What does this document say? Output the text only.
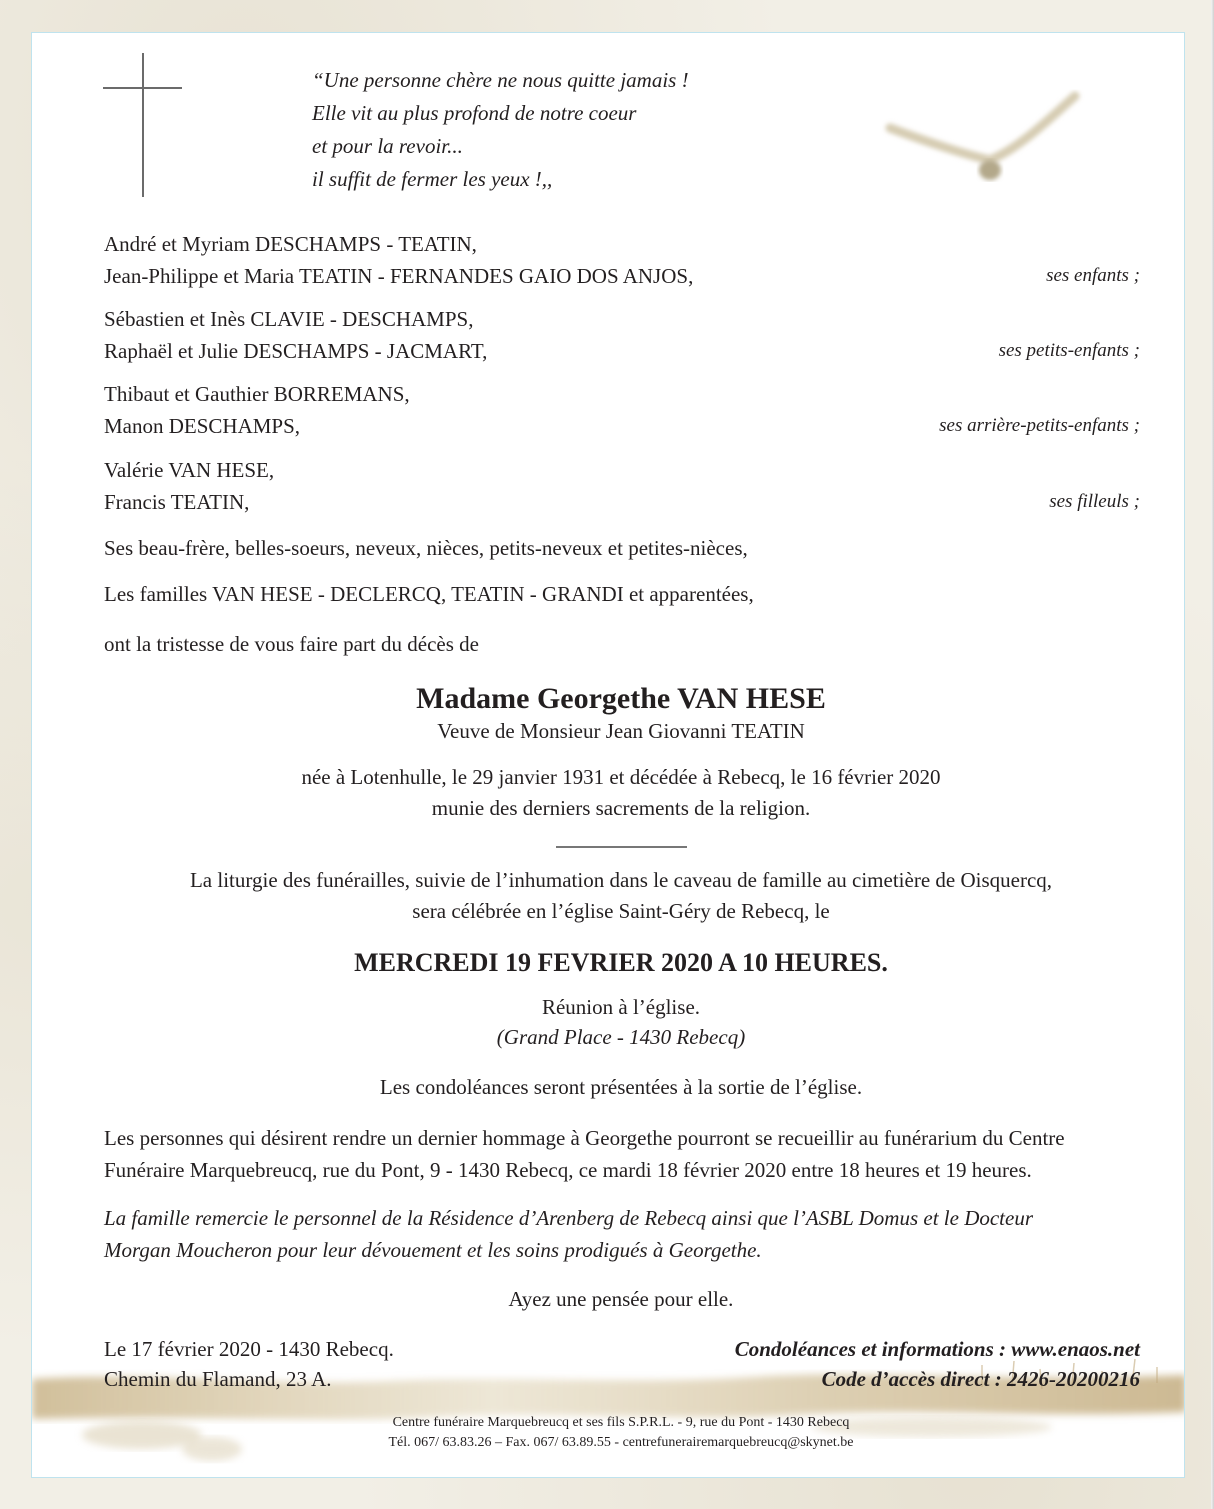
“Une personne chère ne nous quitte jamais !
Elle vit au plus profond de notre coeur
et pour la revoir...
il suffit de fermer les yeux !,,
André et Myriam DESCHAMPS - TEATIN,
Jean-Philippe et Maria TEATIN - FERNANDES GAIO DOS ANJOS,	ses enfants ;
Sébastien et Inès CLAVIE - DESCHAMPS,
Raphaël et Julie DESCHAMPS - JACMART,	ses petits-enfants ;
Thibaut et Gauthier BORREMANS,
Manon DESCHAMPS,	ses arrière-petits-enfants ;
Valérie VAN HESE,
Francis TEATIN,	ses filleuls ;
Ses beau-frère, belles-soeurs, neveux, nièces, petits-neveux et petites-nièces,
Les familles VAN HESE - DECLERCQ, TEATIN - GRANDI et apparentées,
ont la tristesse de vous faire part du décès de
Madame Georgethe VAN HESE
Veuve de Monsieur Jean Giovanni TEATIN
née à Lotenhulle, le 29 janvier 1931 et décédée à Rebecq, le 16 février 2020
munie des derniers sacrements de la religion.
La liturgie des funérailles, suivie de l’inhumation dans le caveau de famille au cimetière de Oisquercq,
sera célébrée en l’église Saint-Géry de Rebecq, le
MERCREDI 19 FEVRIER 2020 A 10 HEURES.
Réunion à l’église.
(Grand Place - 1430 Rebecq)
Les condoléances seront présentées à la sortie de l’église.
Les personnes qui désirent rendre un dernier hommage à Georgethe pourront se recueillir au funérarium du Centre
Funéraire Marquebreucq, rue du Pont, 9 - 1430 Rebecq, ce mardi 18 février 2020 entre 18 heures et 19 heures.
La famille remercie le personnel de la Résidence d’Arenberg de Rebecq ainsi que l’ASBL Domus et le Docteur
Morgan Moucheron pour leur dévouement et les soins prodigués à Georgethe.
Ayez une pensée pour elle.
Le 17 février 2020 - 1430 Rebecq.
Chemin du Flamand, 23 A.
Condoléances et informations : www.enaos.net
Code d’accès direct : 2426-20200216
Centre funéraire Marquebreucq et ses fils S.P.R.L. - 9, rue du Pont - 1430 Rebecq
Tél. 067/ 63.83.26 – Fax. 067/ 63.89.55 - centrefunerairemarquebreucq@skynet.be
